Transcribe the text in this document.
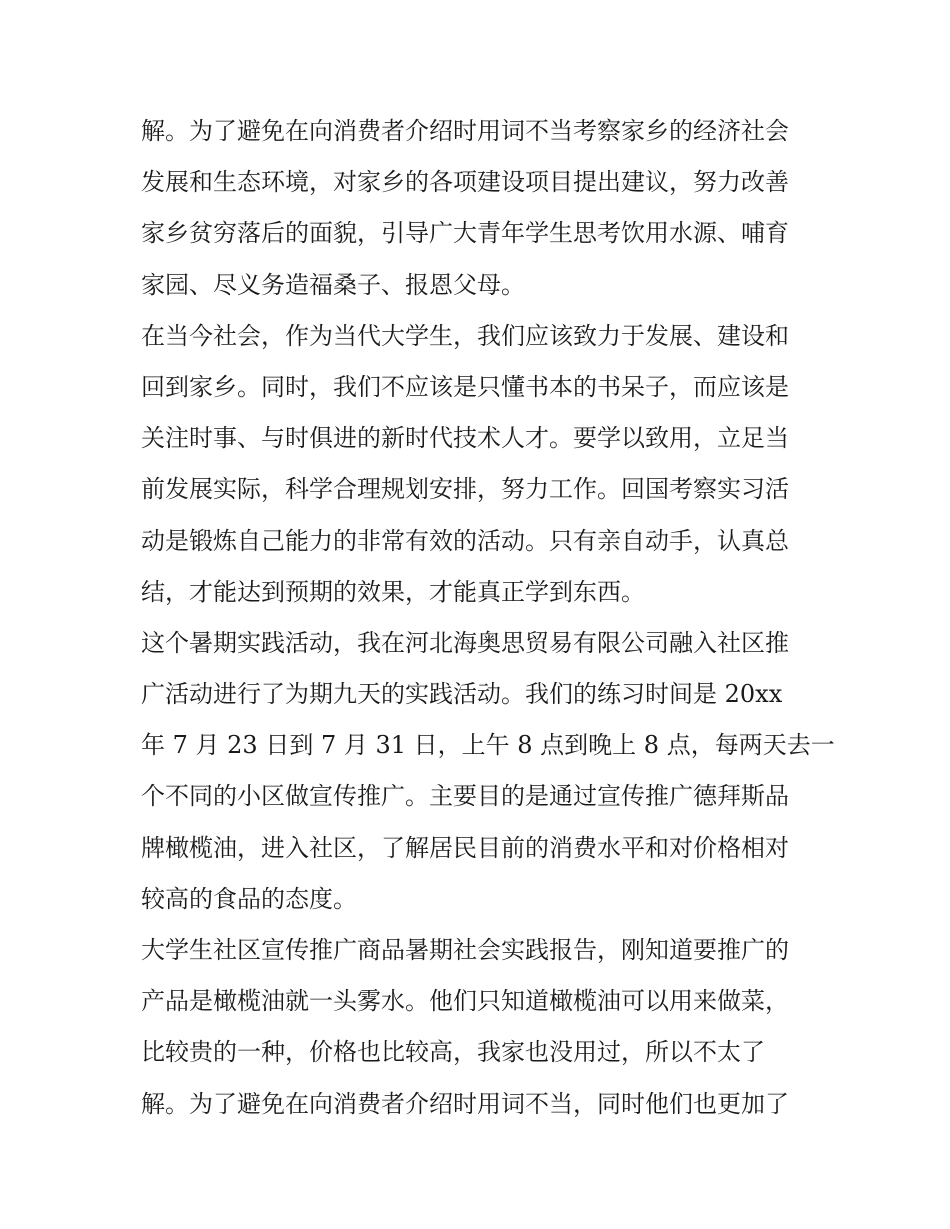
解。为了避免在向消费者介绍时用词不当考察家乡的经济社会
发展和生态环境，对家乡的各项建设项目提出建议，努力改善
家乡贫穷落后的面貌，引导广大青年学生思考饮用水源、哺育
家园、尽义务造福桑子、报恩父母。
在当今社会，作为当代大学生，我们应该致力于发展、建设和
回到家乡。同时，我们不应该是只懂书本的书呆子，而应该是
关注时事、与时俱进的新时代技术人才。要学以致用，立足当
前发展实际，科学合理规划安排，努力工作。回国考察实习活
动是锻炼自己能力的非常有效的活动。只有亲自动手，认真总
结，才能达到预期的效果，才能真正学到东西。
这个暑期实践活动，我在河北海奥思贸易有限公司融入社区推
广活动进行了为期九天的实践活动。我们的练习时间是 20xx
年 7 月 23 日到 7 月 31 日，上午 8 点到晚上 8 点，每两天去一
个不同的小区做宣传推广。主要目的是通过宣传推广德拜斯品
牌橄榄油，进入社区，了解居民目前的消费水平和对价格相对
较高的食品的态度。
大学生社区宣传推广商品暑期社会实践报告，刚知道要推广的
产品是橄榄油就一头雾水。他们只知道橄榄油可以用来做菜，
比较贵的一种，价格也比较高，我家也没用过，所以不太了
解。为了避免在向消费者介绍时用词不当，同时他们也更加了
